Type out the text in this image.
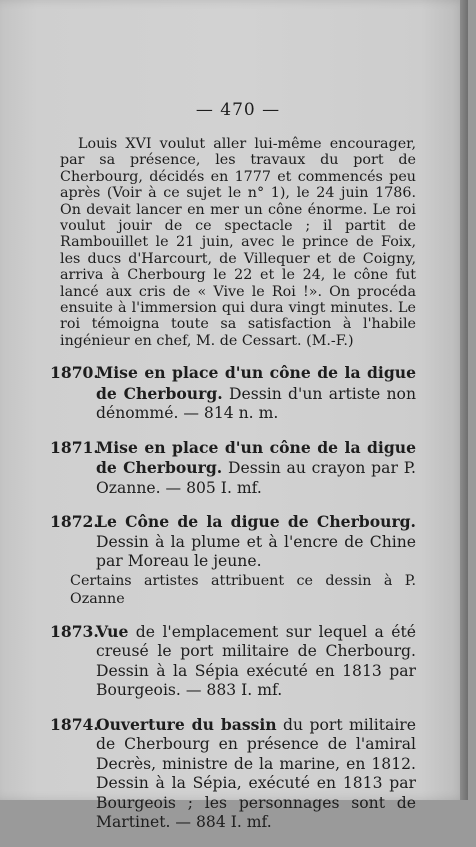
— 470 —

Louis XVI voulut aller lui-même encourager, par sa présence, les travaux du port de Cherbourg, décidés en 1777 et commencés peu après (Voir à ce sujet le n° 1), le 24 juin 1786. On devait lancer en mer un cône énorme. Le roi voulut jouir de ce spectacle ; il partit de Rambouillet le 21 juin, avec le prince de Foix, les ducs d'Harcourt, de Villequer et de Coigny, arriva à Cherbourg le 22 et le 24, le cône fut lancé aux cris de « Vive le Roi !». On procéda ensuite à l'immersion qui dura vingt minutes. Le roi témoigna toute sa satisfaction à l'habile ingénieur en chef, M. de Cessart. (M.-F.)

1870.
Mise en place d'un cône de la digue de Cherbourg. Dessin d'un artiste non dénommé. — 814 n. m.
1871.
Mise en place d'un cône de la digue de Cherbourg. Dessin au crayon par P. Ozanne. — 805 I. mf.
1872.
Le Cône de la digue de Cherbourg. Dessin à la plume et à l'encre de Chine par Moreau le jeune.
Certains artistes attribuent ce dessin à P. Ozanne
1873.
Vue de l'emplacement sur lequel a été creusé le port militaire de Cherbourg. Dessin à la Sépia exécuté en 1813 par Bourgeois. — 883 I. mf.
1874.
Ouverture du bassin du port militaire de Cherbourg en présence de l'amiral Decrès, ministre de la marine, en 1812. Dessin à la Sépia, exécuté en 1813 par Bourgeois ; les personnages sont de Martinet. — 884 I. mf.
